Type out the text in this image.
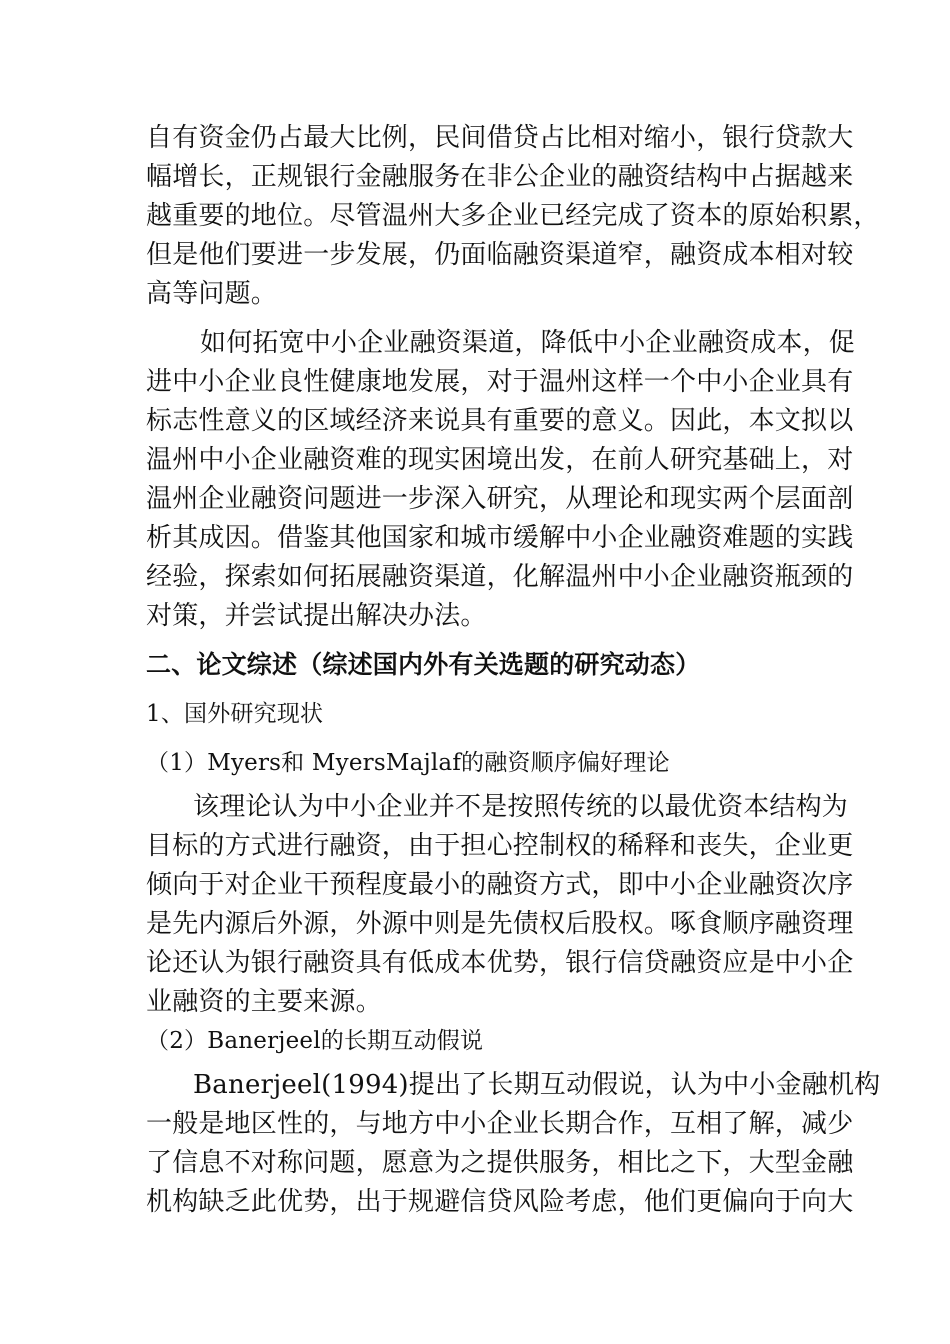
自有资金仍占最大比例，民间借贷占比相对缩小，银行贷款大
幅增长，正规银行金融服务在非公企业的融资结构中占据越来
越重要的地位。尽管温州大多企业已经完成了资本的原始积累，
但是他们要进一步发展，仍面临融资渠道窄，融资成本相对较
高等问题。
如何拓宽中小企业融资渠道，降低中小企业融资成本，促
进中小企业良性健康地发展，对于温州这样一个中小企业具有
标志性意义的区域经济来说具有重要的意义。因此，本文拟以
温州中小企业融资难的现实困境出发，在前人研究基础上，对
温州企业融资问题进一步深入研究，从理论和现实两个层面剖
析其成因。借鉴其他国家和城市缓解中小企业融资难题的实践
经验，探索如何拓展融资渠道，化解温州中小企业融资瓶颈的
对策，并尝试提出解决办法。
二、论文综述（综述国内外有关选题的研究动态）
1、国外研究现状
（1）Myers和 MyersMajlaf的融资顺序偏好理论
该理论认为中小企业并不是按照传统的以最优资本结构为
目标的方式进行融资，由于担心控制权的稀释和丧失，企业更
倾向于对企业干预程度最小的融资方式，即中小企业融资次序
是先内源后外源，外源中则是先债权后股权。啄食顺序融资理
论还认为银行融资具有低成本优势，银行信贷融资应是中小企
业融资的主要来源。
（2）Banerjeel的长期互动假说
Banerjeel(1994)提出了长期互动假说，认为中小金融机构
一般是地区性的，与地方中小企业长期合作，互相了解，减少
了信息不对称问题，愿意为之提供服务，相比之下，大型金融
机构缺乏此优势，出于规避信贷风险考虑，他们更偏向于向大
